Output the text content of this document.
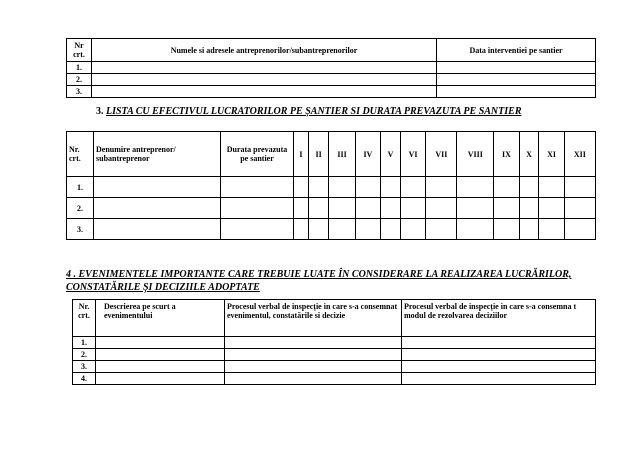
Nr crt.	Numele si adresele antreprenorilor/subantreprenorilor	Data interventiei pe santier
1.		
2.		
3.		
3. LISTA CU EFECTIVUL LUCRATORILOR PE ȘANTIER SI DURATA PREVAZUTA PE SANTIER
Nr. crt.	Denumire antreprenor/ subantreprenor	Durata prevazuta pe santier	I	II	III	IV	V	VI	VII	VIII	IX	X	XI	XII
1.														
2.														
3.														
4 . EVENIMENTELE IMPORTANTE CARE TREBUIE LUATE ÎN CONSIDERARE LA REALIZAREA LUCRĂRILOR, CONSTATĂRILE ŞI DECIZIILE ADOPTATE
Nr. crt.	Descrierea pe scurt a evenimentului	Procesul verbal de inspecție in care s-a consemnat evenimentul, constatările si decizie	Procesul verbal de inspecție in care s-a consemna t modul de rezolvarea deciziilor
1.			
2.			
3.			
4.			
